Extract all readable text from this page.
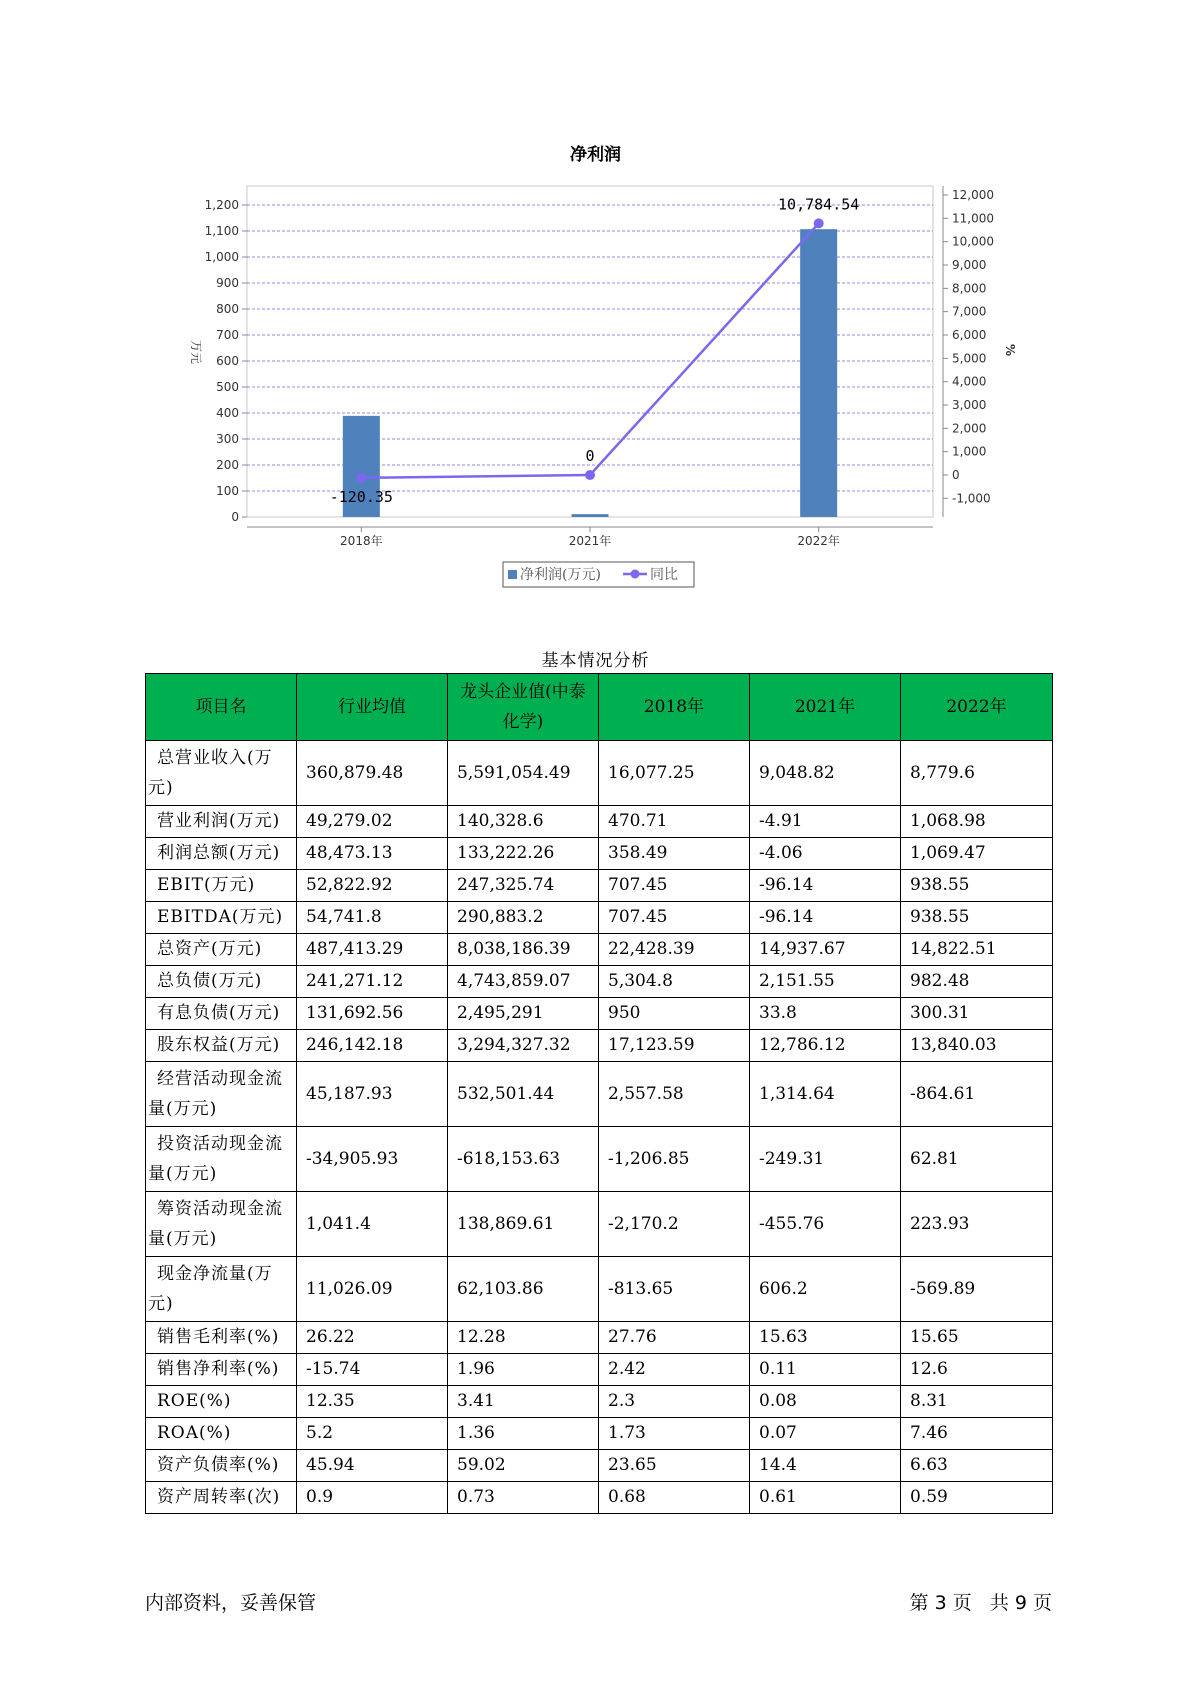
净利润
0
100
200
300
400
500
600
700
800
900
1,000
1,100
1,200
万元
-1,000
0
1,000
2,000
3,000
4,000
5,000
6,000
7,000
8,000
9,000
10,000
11,000
12,000
%
2018年	2021年	2022年
-120.35
0
10,784.54
净利润(万元)	同比
基本情况分析
项目名	行业均值	龙头企业值(中泰化学)	2018年	2021年	2022年
总营业收入(万元)	360,879.48	5,591,054.49	16,077.25	9,048.82	8,779.6
营业利润(万元)	49,279.02	140,328.6	470.71	-4.91	1,068.98
利润总额(万元)	48,473.13	133,222.26	358.49	-4.06	1,069.47
EBIT(万元)	52,822.92	247,325.74	707.45	-96.14	938.55
EBITDA(万元)	54,741.8	290,883.2	707.45	-96.14	938.55
总资产(万元)	487,413.29	8,038,186.39	22,428.39	14,937.67	14,822.51
总负债(万元)	241,271.12	4,743,859.07	5,304.8	2,151.55	982.48
有息负债(万元)	131,692.56	2,495,291	950	33.8	300.31
股东权益(万元)	246,142.18	3,294,327.32	17,123.59	12,786.12	13,840.03
经营活动现金流量(万元)	45,187.93	532,501.44	2,557.58	1,314.64	-864.61
投资活动现金流量(万元)	-34,905.93	-618,153.63	-1,206.85	-249.31	62.81
筹资活动现金流量(万元)	1,041.4	138,869.61	-2,170.2	-455.76	223.93
现金净流量(万元)	11,026.09	62,103.86	-813.65	606.2	-569.89
销售毛利率(%)	26.22	12.28	27.76	15.63	15.65
销售净利率(%)	-15.74	1.96	2.42	0.11	12.6
ROE(%)	12.35	3.41	2.3	0.08	8.31
ROA(%)	5.2	1.36	1.73	0.07	7.46
资产负债率(%)	45.94	59.02	23.65	14.4	6.63
资产周转率(次)	0.9	0.73	0.68	0.61	0.59
内部资料，妥善保管	第 3 页   共 9 页
